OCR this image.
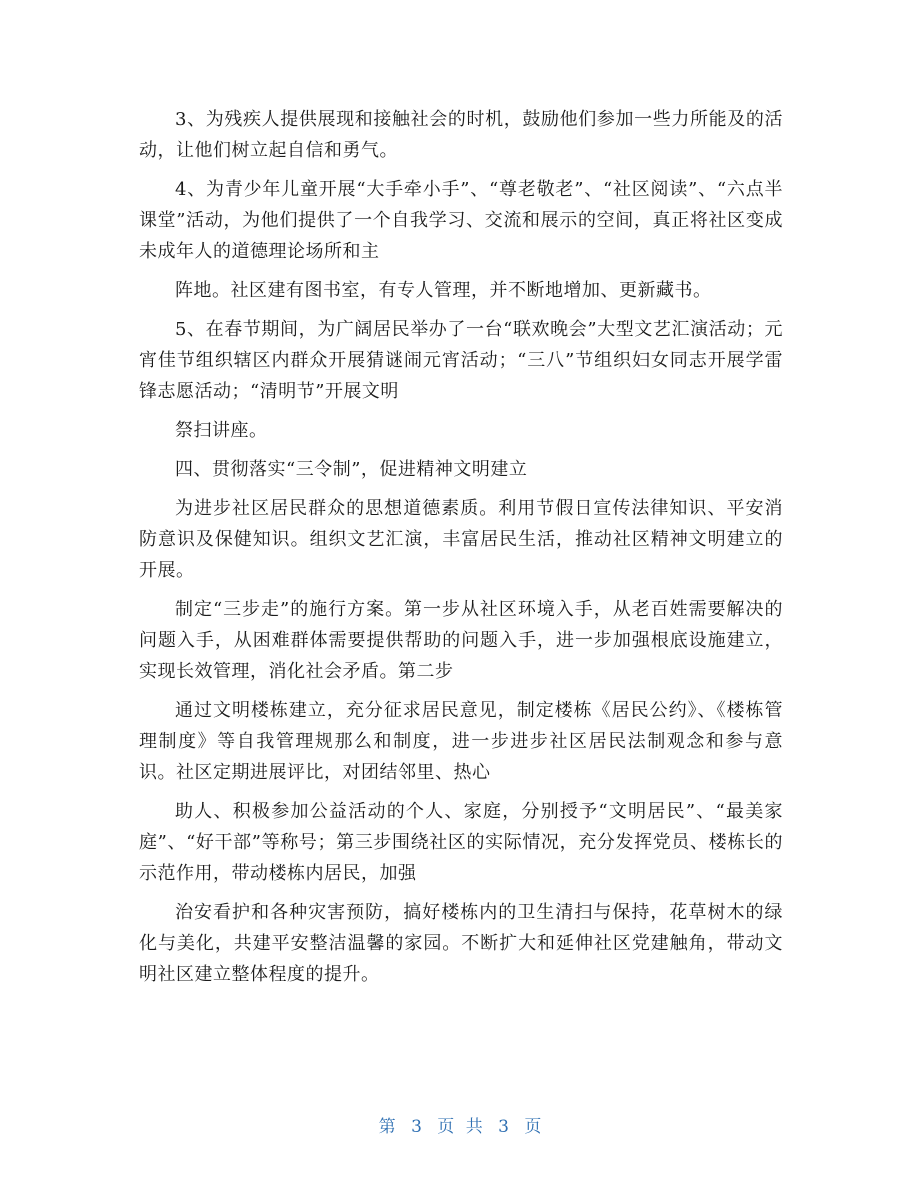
3、为残疾人提供展现和接触社会的时机，鼓励他们参加一些力所能及的活动，让他们树立起自信和勇气。

4、为青少年儿童开展“大手牵小手”、“尊老敬老”、“社区阅读”、“六点半课堂”活动，为他们提供了一个自我学习、交流和展示的空间，真正将社区变成未成年人的道德理论场所和主

阵地。社区建有图书室，有专人管理，并不断地增加、更新藏书。

5、在春节期间，为广阔居民举办了一台“联欢晚会”大型文艺汇演活动；元宵佳节组织辖区内群众开展猜谜闹元宵活动；“三八”节组织妇女同志开展学雷锋志愿活动；“清明节”开展文明

祭扫讲座。

四、贯彻落实“三令制”，促进精神文明建立

为进步社区居民群众的思想道德素质。利用节假日宣传法律知识、平安消防意识及保健知识。组织文艺汇演，丰富居民生活，推动社区精神文明建立的开展。

制定“三步走”的施行方案。第一步从社区环境入手，从老百姓需要解决的问题入手，从困难群体需要提供帮助的问题入手，进一步加强根底设施建立，实现长效管理，消化社会矛盾。第二步

通过文明楼栋建立，充分征求居民意见，制定楼栋《居民公约》、《楼栋管理制度》等自我管理规那么和制度，进一步进步社区居民法制观念和参与意识。社区定期进展评比，对团结邻里、热心

助人、积极参加公益活动的个人、家庭，分别授予“文明居民”、“最美家庭”、“好干部”等称号；第三步围绕社区的实际情况，充分发挥党员、楼栋长的示范作用，带动楼栋内居民，加强

治安看护和各种灾害预防，搞好楼栋内的卫生清扫与保持，花草树木的绿化与美化，共建平安整洁温馨的家园。不断扩大和延伸社区党建触角，带动文明社区建立整体程度的提升。

第 3 页 共 3 页
